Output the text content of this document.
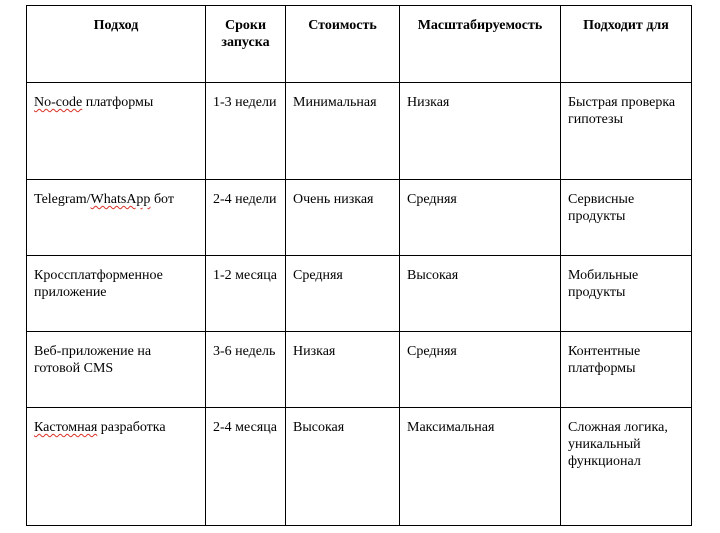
Подход	Сроки запуска	Стоимость	Масштабируемость	Подходит для
No-code платформы	1-3 недели	Минимальная	Низкая	Быстрая проверка гипотезы
Telegram/WhatsApp бот	2-4 недели	Очень низкая	Средняя	Сервисные продукты
Кроссплатформенное приложение	1-2 месяца	Средняя	Высокая	Мобильные продукты
Веб-приложение на готовой CMS	3-6 недель	Низкая	Средняя	Контентные платформы
Кастомная разработка	2-4 месяца	Высокая	Максимальная	Сложная логика, уникальный функционал
